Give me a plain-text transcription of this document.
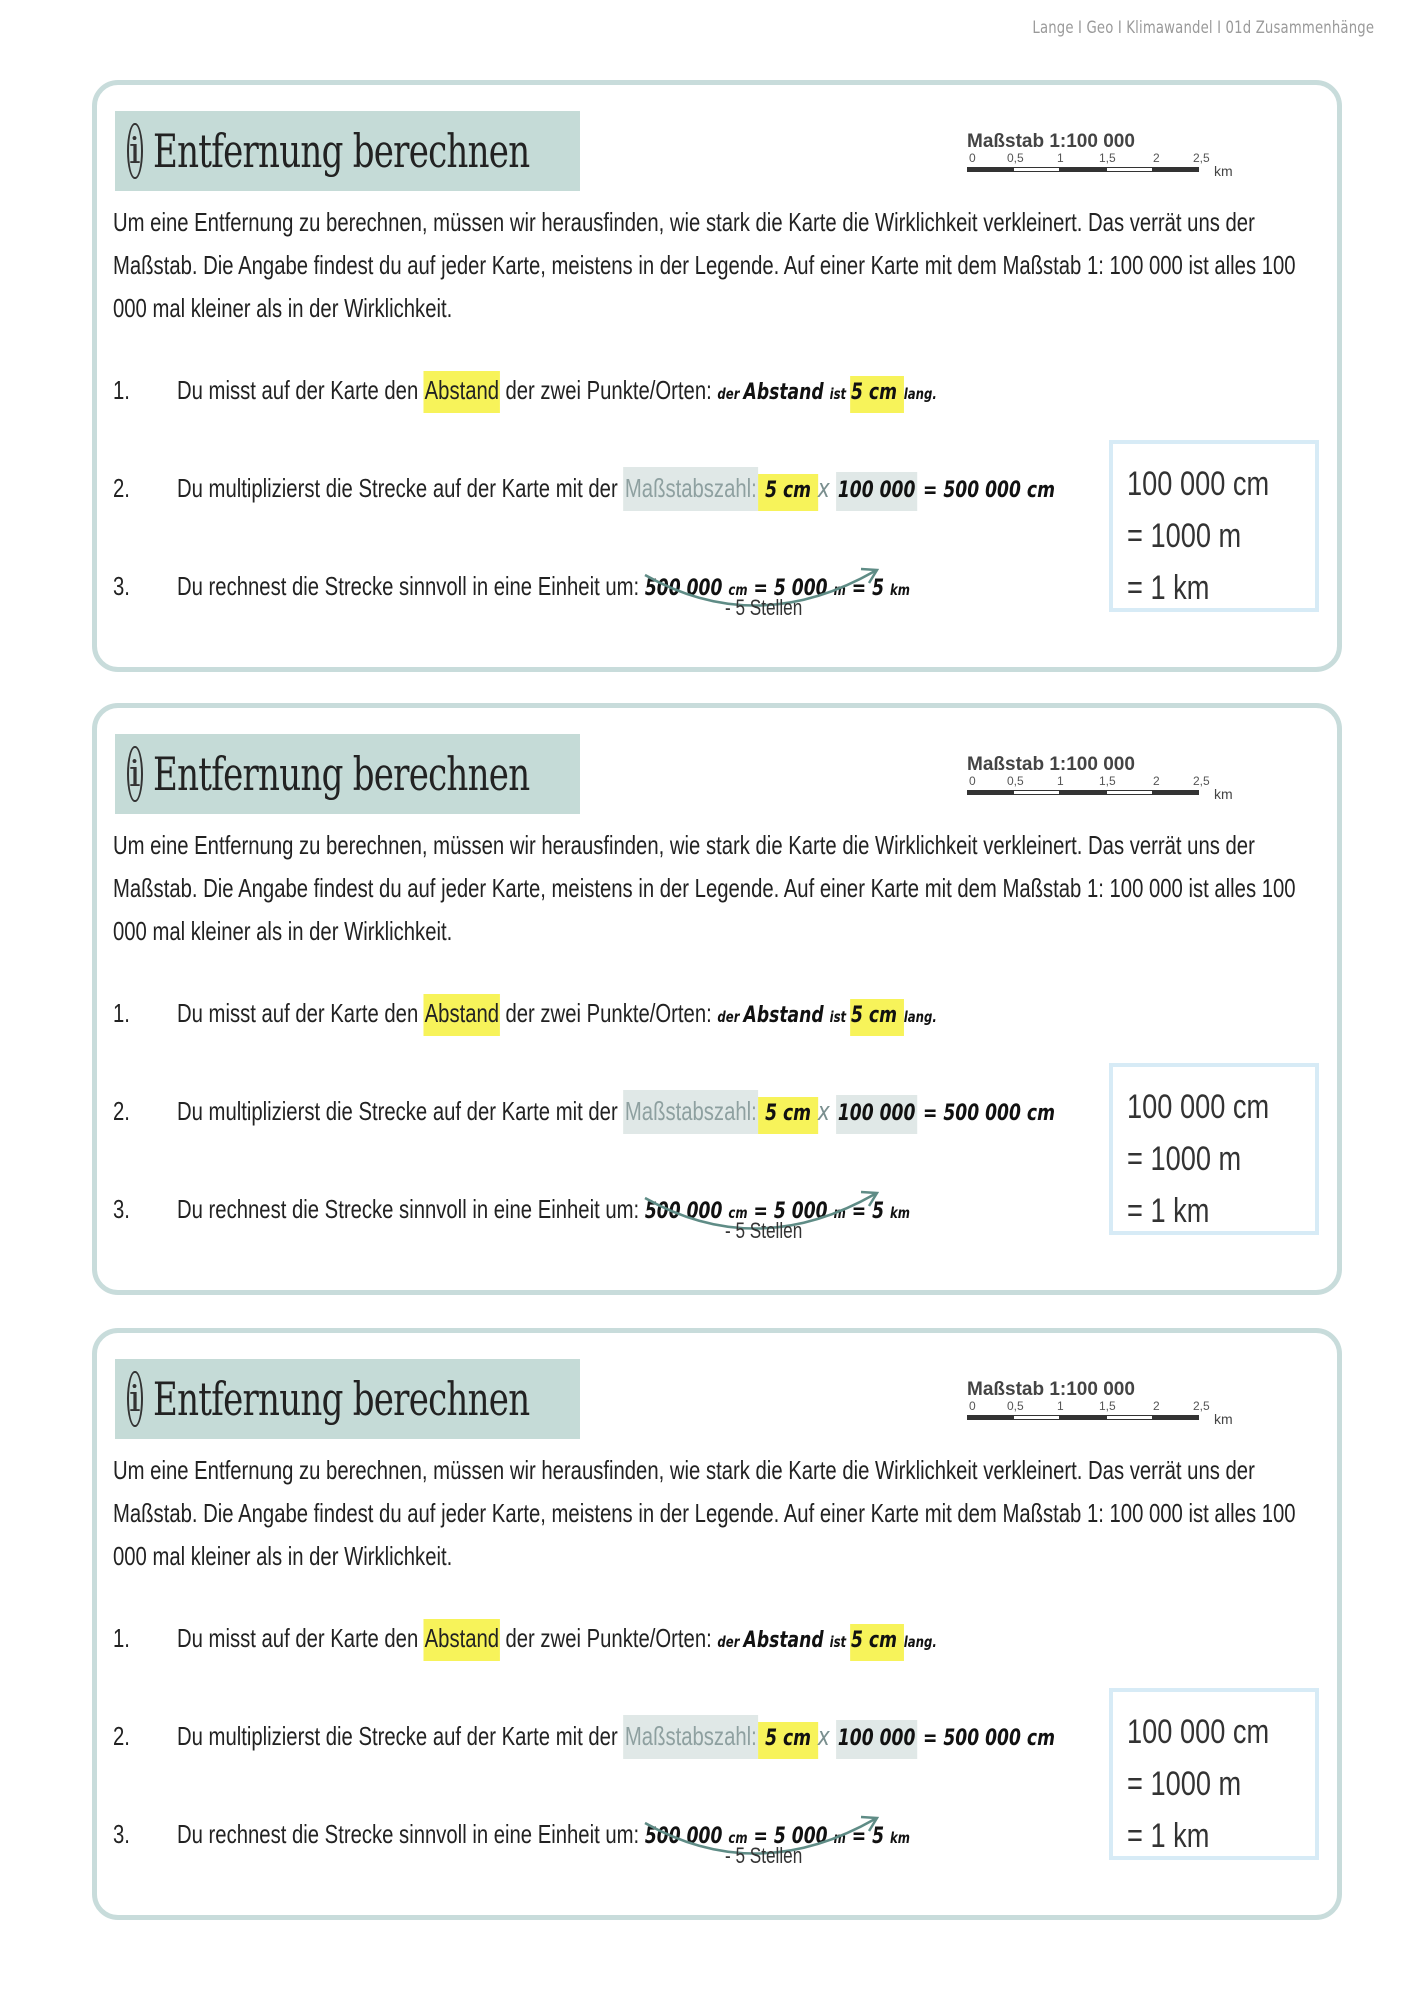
Lange I Geo I Klimawandel I 01d Zusammenhänge
i Entfernung berechnen	Maßstab 1:100 000
0	0,5	1	1,5	2	2,5
km
Um eine Entfernung zu berechnen, müssen wir herausfinden, wie stark die Karte die Wirklichkeit verkleinert. Das verrät uns der Maßstab. Die Angabe findest du auf jeder Karte, meistens in der Legende. Auf einer Karte mit dem Maßstab 1: 100 000 ist alles 100 000 mal kleiner als in der Wirklichkeit.
1.	Du misst auf der Karte den Abstand der zwei Punkte/Orten: der Abstand ist 5 cm lang.
2.	Du multiplizierst die Strecke auf der Karte mit der Maßstabszahl: 5 cm x 100 000 = 500 000 cm
3.	Du rechnest die Strecke sinnvoll in eine Einheit um: 500 000 cm = 5 000 m = 5 km
- 5 Stellen
100 000 cm
= 1000 m
= 1 km
i Entfernung berechnen	Maßstab 1:100 000
0	0,5	1	1,5	2	2,5
km
Um eine Entfernung zu berechnen, müssen wir herausfinden, wie stark die Karte die Wirklichkeit verkleinert. Das verrät uns der Maßstab. Die Angabe findest du auf jeder Karte, meistens in der Legende. Auf einer Karte mit dem Maßstab 1: 100 000 ist alles 100 000 mal kleiner als in der Wirklichkeit.
1.	Du misst auf der Karte den Abstand der zwei Punkte/Orten: der Abstand ist 5 cm lang.
2.	Du multiplizierst die Strecke auf der Karte mit der Maßstabszahl: 5 cm x 100 000 = 500 000 cm
3.	Du rechnest die Strecke sinnvoll in eine Einheit um: 500 000 cm = 5 000 m = 5 km
- 5 Stellen
100 000 cm
= 1000 m
= 1 km
i Entfernung berechnen	Maßstab 1:100 000
0	0,5	1	1,5	2	2,5
km
Um eine Entfernung zu berechnen, müssen wir herausfinden, wie stark die Karte die Wirklichkeit verkleinert. Das verrät uns der Maßstab. Die Angabe findest du auf jeder Karte, meistens in der Legende. Auf einer Karte mit dem Maßstab 1: 100 000 ist alles 100 000 mal kleiner als in der Wirklichkeit.
1.	Du misst auf der Karte den Abstand der zwei Punkte/Orten: der Abstand ist 5 cm lang.
2.	Du multiplizierst die Strecke auf der Karte mit der Maßstabszahl: 5 cm x 100 000 = 500 000 cm
3.	Du rechnest die Strecke sinnvoll in eine Einheit um: 500 000 cm = 5 000 m = 5 km
- 5 Stellen
100 000 cm
= 1000 m
= 1 km
